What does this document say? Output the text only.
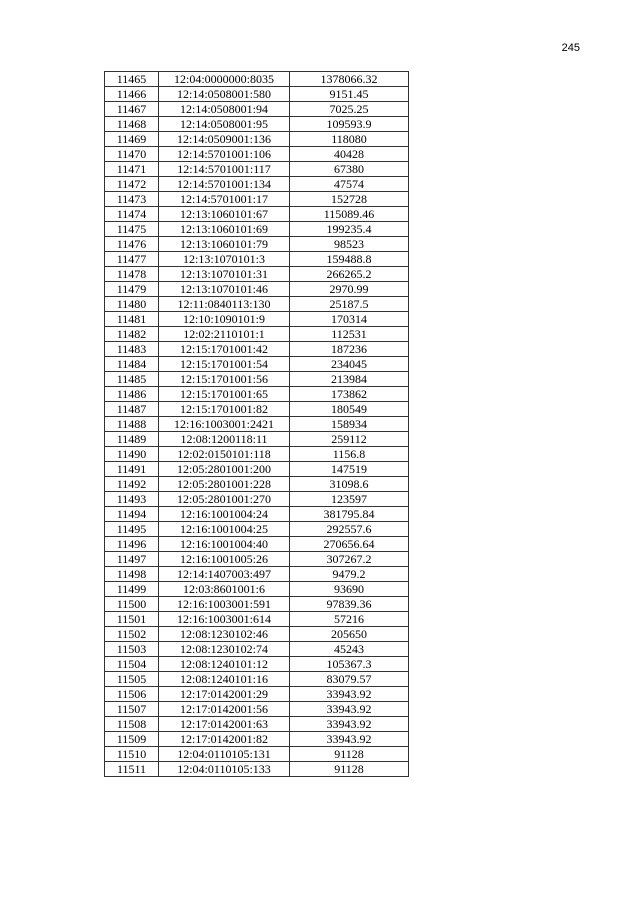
245
11465	12:04:0000000:8035	1378066.32
11466	12:14:0508001:580	9151.45
11467	12:14:0508001:94	7025.25
11468	12:14:0508001:95	109593.9
11469	12:14:0509001:136	118080
11470	12:14:5701001:106	40428
11471	12:14:5701001:117	67380
11472	12:14:5701001:134	47574
11473	12:14:5701001:17	152728
11474	12:13:1060101:67	115089.46
11475	12:13:1060101:69	199235.4
11476	12:13:1060101:79	98523
11477	12:13:1070101:3	159488.8
11478	12:13:1070101:31	266265.2
11479	12:13:1070101:46	2970.99
11480	12:11:0840113:130	25187.5
11481	12:10:1090101:9	170314
11482	12:02:2110101:1	112531
11483	12:15:1701001:42	187236
11484	12:15:1701001:54	234045
11485	12:15:1701001:56	213984
11486	12:15:1701001:65	173862
11487	12:15:1701001:82	180549
11488	12:16:1003001:2421	158934
11489	12:08:1200118:11	259112
11490	12:02:0150101:118	1156.8
11491	12:05:2801001:200	147519
11492	12:05:2801001:228	31098.6
11493	12:05:2801001:270	123597
11494	12:16:1001004:24	381795.84
11495	12:16:1001004:25	292557.6
11496	12:16:1001004:40	270656.64
11497	12:16:1001005:26	307267.2
11498	12:14:1407003:497	9479.2
11499	12:03:8601001:6	93690
11500	12:16:1003001:591	97839.36
11501	12:16:1003001:614	57216
11502	12:08:1230102:46	205650
11503	12:08:1230102:74	45243
11504	12:08:1240101:12	105367.3
11505	12:08:1240101:16	83079.57
11506	12:17:0142001:29	33943.92
11507	12:17:0142001:56	33943.92
11508	12:17:0142001:63	33943.92
11509	12:17:0142001:82	33943.92
11510	12:04:0110105:131	91128
11511	12:04:0110105:133	91128
